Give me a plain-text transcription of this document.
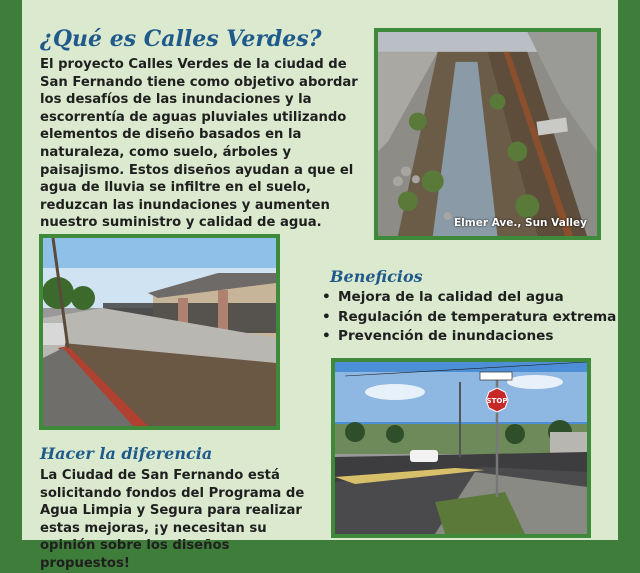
¿Qué es Calles Verdes?

El proyecto Calles Verdes de la ciudad de San Fernando tiene como objetivo abordar los desafíos de las inundaciones y la escorrentía de aguas pluviales utilizando elementos de diseño basados en la naturaleza, como suelo, árboles y paisajismo. Estos diseños ayudan a que el agua de lluvia se infiltre en el suelo, reduzcan las inundaciones y aumenten nuestro suministro y calidad de agua.	Elmer Ave., Sun Valley
Beneficios
• Mejora de la calidad del agua
• Regulación de temperatura extrema
• Prevención de inundaciones
STOP
Hacer la diferencia

La Ciudad de San Fernando está solicitando fondos del Programa de Agua Limpia y Segura para realizar estas mejoras, ¡y necesitan su opinión sobre los diseños propuestos!
